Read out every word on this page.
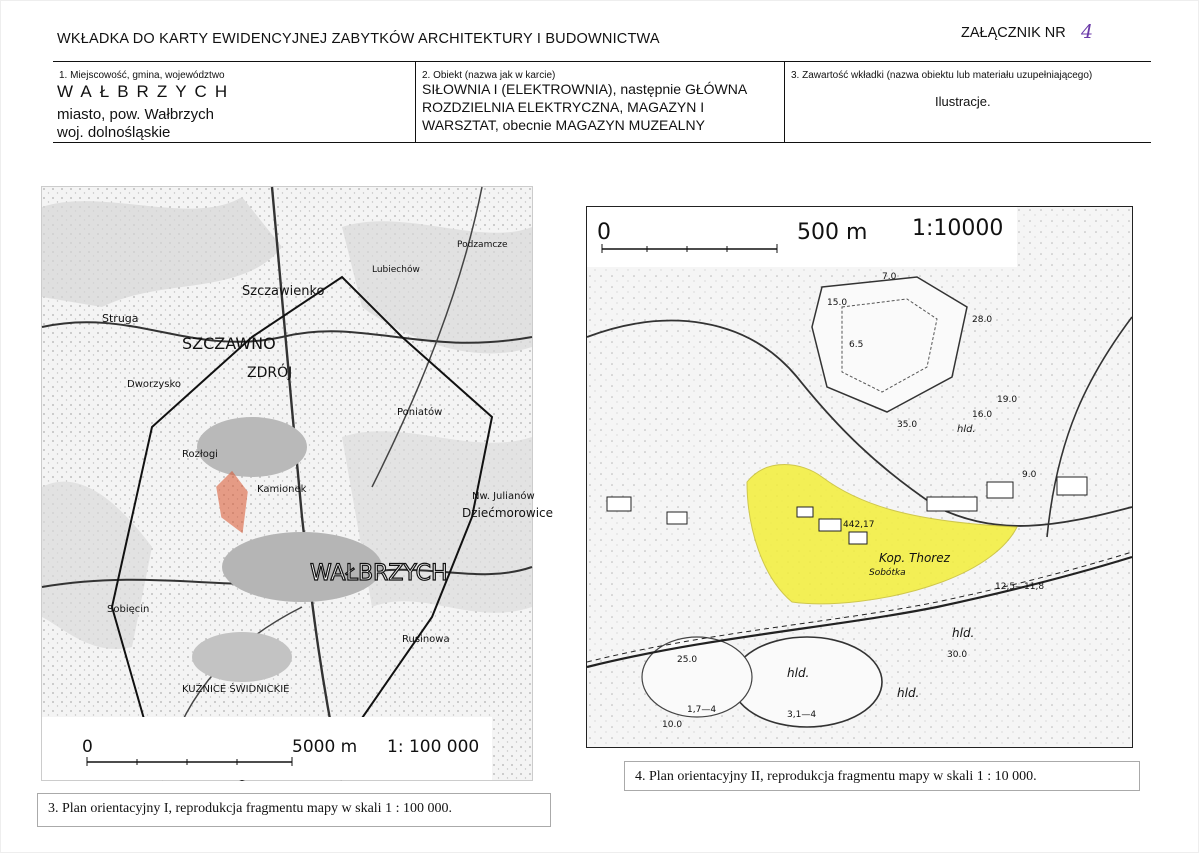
WKŁADKA DO KARTY EWIDENCYJNEJ ZABYTKÓW ARCHITEKTURY I BUDOWNICTWA	ZAŁĄCZNIK NR 4
1. Miejscowość, gmina, województwo
WAŁBRZYCH
miasto, pow. Wałbrzych
woj. dolnośląskie
2. Obiekt (nazwa jak w karcie)
SIŁOWNIA I (ELEKTROWNIA), następnie GŁÓWNA ROZDZIELNIA ELEKTRYCZNA, MAGAZYN I WARSZTAT, obecnie MAGAZYN MUZEALNY
3. Zawartość wkładki (nazwa obiektu lub materiału uzupełniającego)
Ilustracje.
Szczawienko
SZCZAWNO
ZDRÓJ
Struga
Dworzysko
Poniatów
Kamionek
Rozłogi
Nw. Julianów
Dziećmorowice
WAŁBRZYCH
Sobięcin
Rusinowa
KUŹNICE ŚWIDNICKIE
Lubiechów
Podzamcze
0	5000 m 1: 100 000
3. Plan orientacyjny I, reprodukcja fragmentu mapy w skali 1 : 100 000.
0	500 m 1:10000
hld.
hld.
hld.
hld.
Kop. Thorez
Sobótka
442,17
12,5—11,8
30.0
25.0
10.0
3,1—4
1,7—4
35.0
28.0
15.0
7.0
6.5
19.0
16.0
9.0
4. Plan orientacyjny II, reprodukcja fragmentu mapy w skali 1 : 10 000.
